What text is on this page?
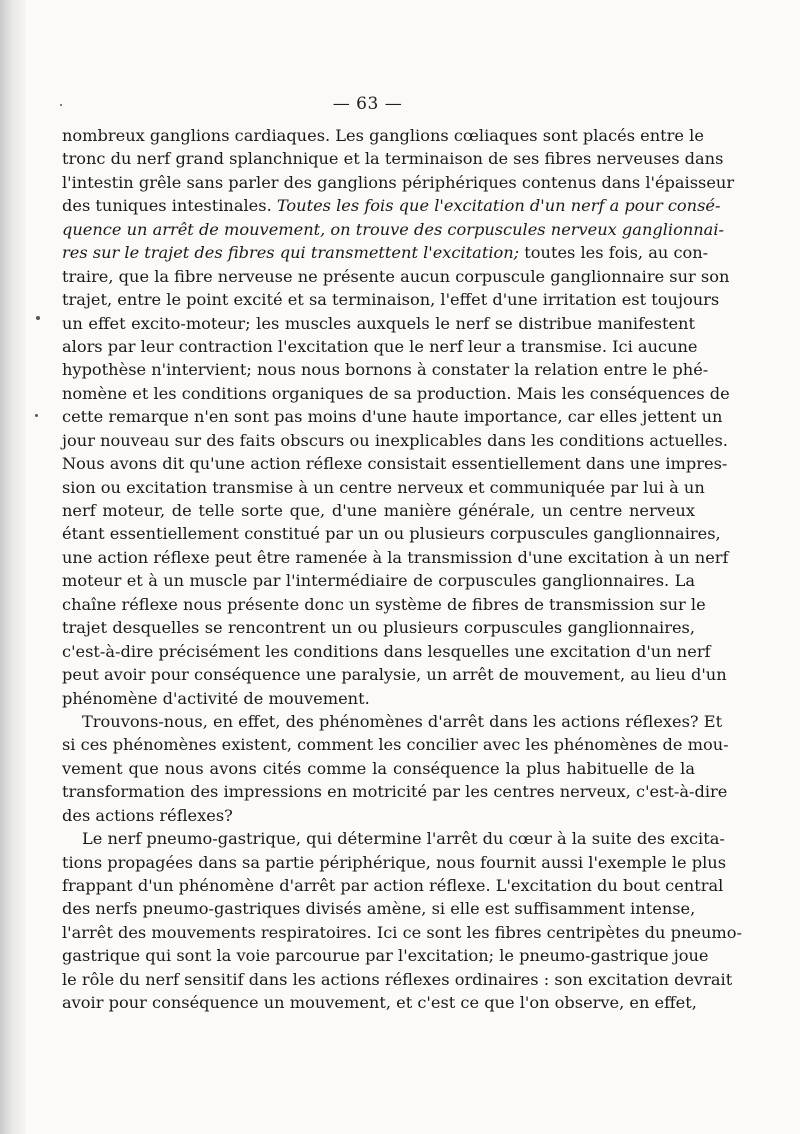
— 63 —
nombreux ganglions cardiaques. Les ganglions cœliaques sont placés entre le
tronc du nerf grand splanchnique et la terminaison de ses fibres nerveuses dans
l'intestin grêle sans parler des ganglions périphériques contenus dans l'épaisseur
des tuniques intestinales. Toutes les fois que l'excitation d'un nerf a pour consé-
quence un arrêt de mouvement, on trouve des corpuscules nerveux ganglionnai-
res sur le trajet des fibres qui transmettent l'excitation; toutes les fois, au con-
traire, que la fibre nerveuse ne présente aucun corpuscule ganglionnaire sur son
trajet, entre le point excité et sa terminaison, l'effet d'une irritation est toujours
un effet excito-moteur; les muscles auxquels le nerf se distribue manifestent
alors par leur contraction l'excitation que le nerf leur a transmise. Ici aucune
hypothèse n'intervient; nous nous bornons à constater la relation entre le phé-
nomène et les conditions organiques de sa production. Mais les conséquences de
cette remarque n'en sont pas moins d'une haute importance, car elles jettent un
jour nouveau sur des faits obscurs ou inexplicables dans les conditions actuelles.
Nous avons dit qu'une action réflexe consistait essentiellement dans une impres-
sion ou excitation transmise à un centre nerveux et communiquée par lui à un
nerf moteur, de telle sorte que, d'une manière générale, un centre nerveux
étant essentiellement constitué par un ou plusieurs corpuscules ganglionnaires,
une action réflexe peut être ramenée à la transmission d'une excitation à un nerf
moteur et à un muscle par l'intermédiaire de corpuscules ganglionnaires. La
chaîne réflexe nous présente donc un système de fibres de transmission sur le
trajet desquelles se rencontrent un ou plusieurs corpuscules ganglionnaires,
c'est-à-dire précisément les conditions dans lesquelles une excitation d'un nerf
peut avoir pour conséquence une paralysie, un arrêt de mouvement, au lieu d'un
phénomène d'activité de mouvement.
Trouvons-nous, en effet, des phénomènes d'arrêt dans les actions réflexes? Et
si ces phénomènes existent, comment les concilier avec les phénomènes de mou-
vement que nous avons cités comme la conséquence la plus habituelle de la
transformation des impressions en motricité par les centres nerveux, c'est-à-dire
des actions réflexes?
Le nerf pneumo-gastrique, qui détermine l'arrêt du cœur à la suite des excita-
tions propagées dans sa partie périphérique, nous fournit aussi l'exemple le plus
frappant d'un phénomène d'arrêt par action réflexe. L'excitation du bout central
des nerfs pneumo-gastriques divisés amène, si elle est suffisamment intense,
l'arrêt des mouvements respiratoires. Ici ce sont les fibres centripètes du pneumo-
gastrique qui sont la voie parcourue par l'excitation; le pneumo-gastrique joue
le rôle du nerf sensitif dans les actions réflexes ordinaires : son excitation devrait
avoir pour conséquence un mouvement, et c'est ce que l'on observe, en effet,
